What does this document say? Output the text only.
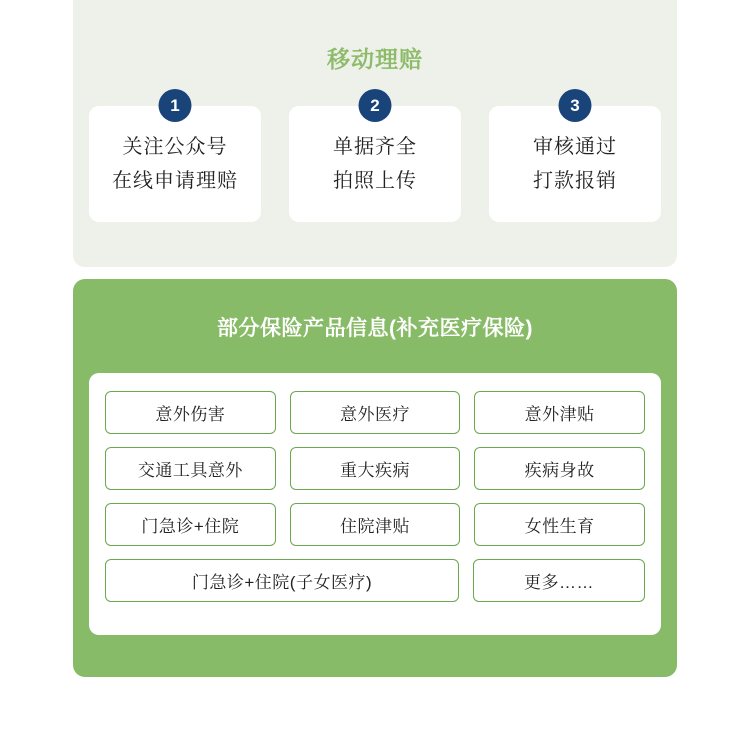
移动理赔
1
关注公众号
在线申请理赔
2
单据齐全
拍照上传
3
审核通过
打款报销
部分保险产品信息(补充医疗保险)
意外伤害	意外医疗	意外津贴
交通工具意外	重大疾病	疾病身故
门急诊+住院	住院津贴	女性生育
门急诊+住院(子女医疗)	更多……
